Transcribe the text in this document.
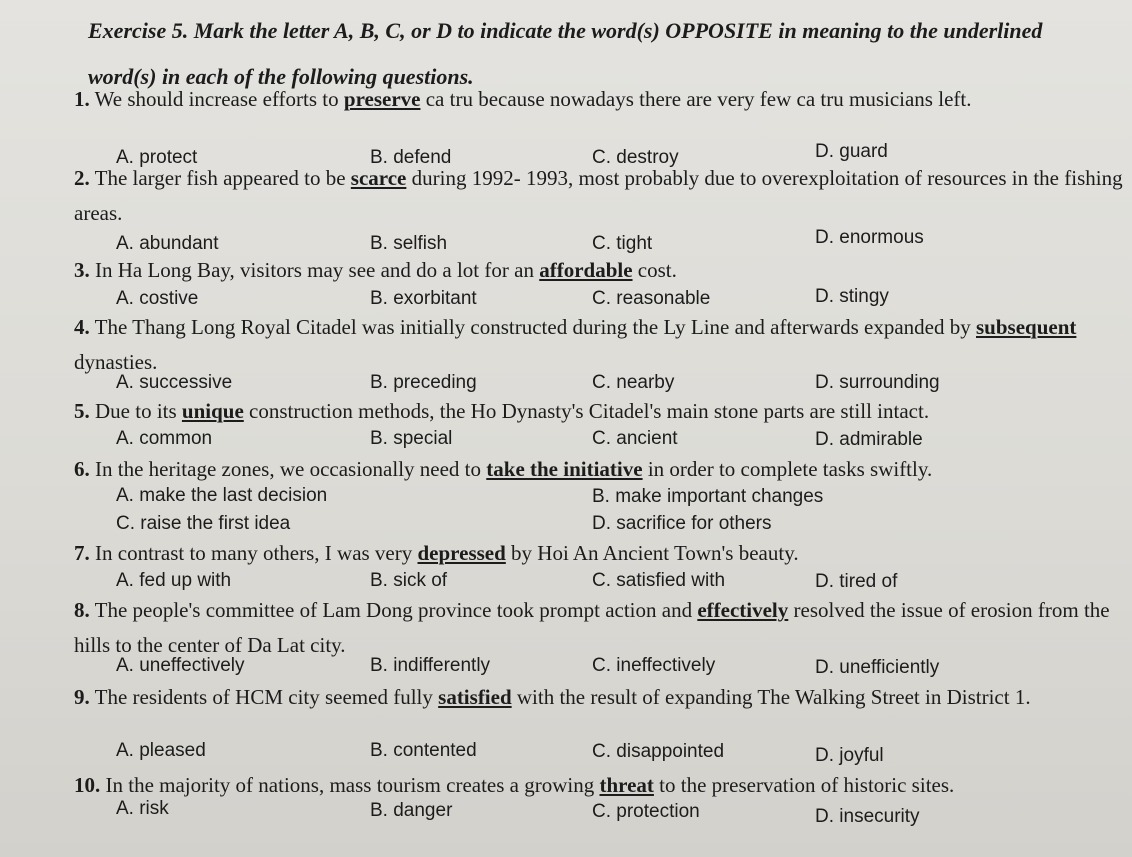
Exercise 5. Mark the letter A, B, C, or D to indicate the word(s) OPPOSITE in meaning to the underlined word(s) in each of the following questions.
1. We should increase efforts to preserve ca tru because nowadays there are very few ca tru musicians left.
A. protect	B. defend	C. destroy	D. guard
2. The larger fish appeared to be scarce during 1992- 1993, most probably due to overexploitation of resources in the fishing areas.
A. abundant	B. selfish	C. tight	D. enormous
3. In Ha Long Bay, visitors may see and do a lot for an affordable cost.
A. costive	B. exorbitant	C. reasonable	D. stingy
4. The Thang Long Royal Citadel was initially constructed during the Ly Line and afterwards expanded by subsequent dynasties.
A. successive	B. preceding	C. nearby	D. surrounding
5. Due to its unique construction methods, the Ho Dynasty's Citadel's main stone parts are still intact.
A. common	B. special	C. ancient	D. admirable
6. In the heritage zones, we occasionally need to take the initiative in order to complete tasks swiftly.
A. make the last decision	B. make important changes
C. raise the first idea	D. sacrifice for others
7. In contrast to many others, I was very depressed by Hoi An Ancient Town's beauty.
A. fed up with	B. sick of	C. satisfied with	D. tired of
8. The people's committee of Lam Dong province took prompt action and effectively resolved the issue of erosion from the hills to the center of Da Lat city.
A. uneffectively	B. indifferently	C. ineffectively	D. unefficiently
9. The residents of HCM city seemed fully satisfied with the result of expanding The Walking Street in District 1.
A. pleased	B. contented	C. disappointed	D. joyful
10. In the majority of nations, mass tourism creates a growing threat to the preservation of historic sites.
A. risk	B. danger	C. protection	D. insecurity
